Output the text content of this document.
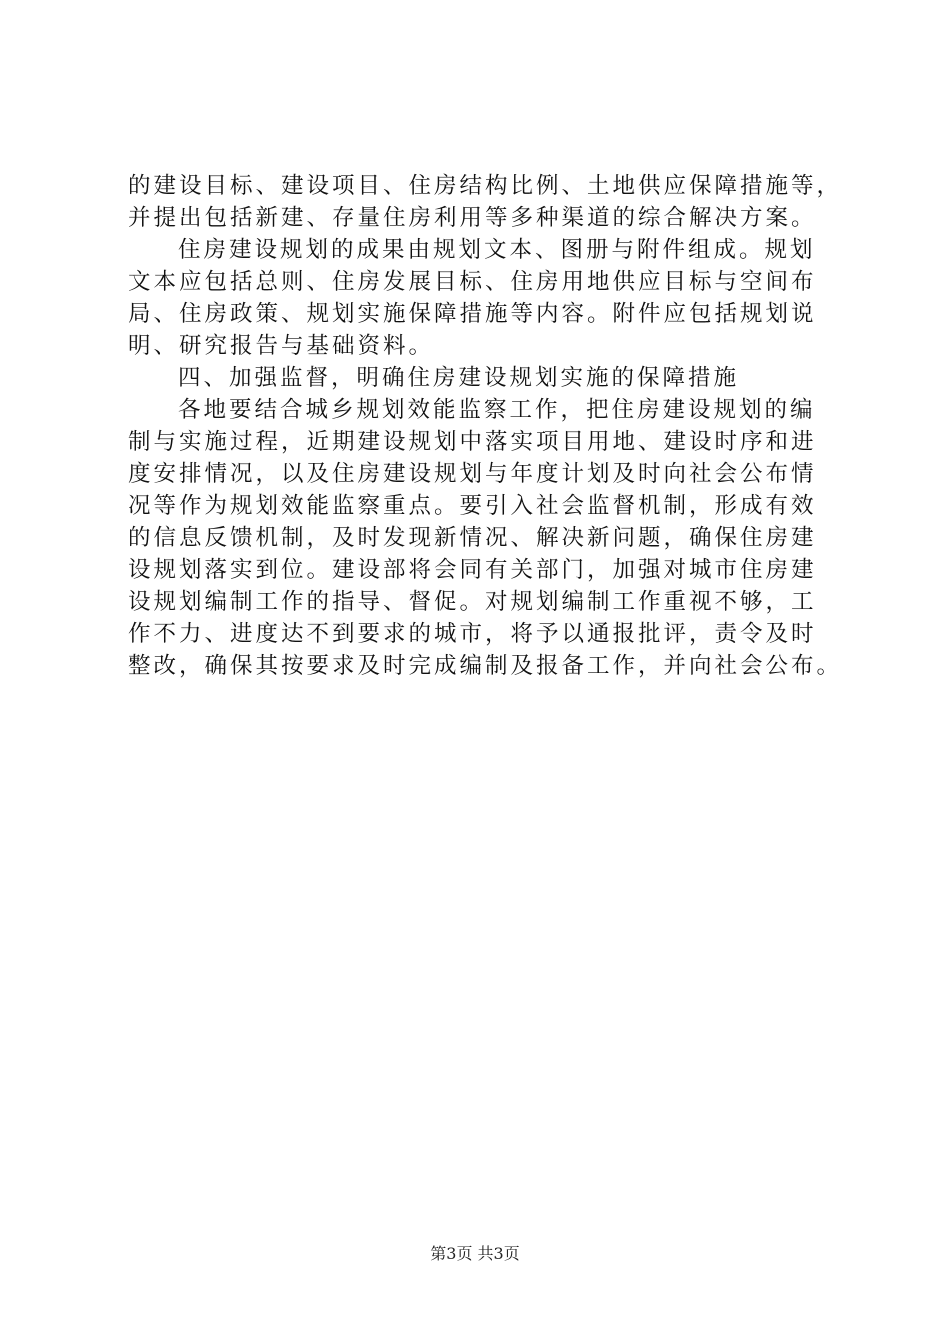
的建设目标、建设项目、住房结构比例、土地供应保障措施等，
并提出包括新建、存量住房利用等多种渠道的综合解决方案。
住房建设规划的成果由规划文本、图册与附件组成。规划
文本应包括总则、住房发展目标、住房用地供应目标与空间布
局、住房政策、规划实施保障措施等内容。附件应包括规划说
明、研究报告与基础资料。
四、加强监督，明确住房建设规划实施的保障措施
各地要结合城乡规划效能监察工作，把住房建设规划的编
制与实施过程，近期建设规划中落实项目用地、建设时序和进
度安排情况，以及住房建设规划与年度计划及时向社会公布情
况等作为规划效能监察重点。要引入社会监督机制，形成有效
的信息反馈机制，及时发现新情况、解决新问题，确保住房建
设规划落实到位。建设部将会同有关部门，加强对城市住房建
设规划编制工作的指导、督促。对规划编制工作重视不够，工
作不力、进度达不到要求的城市，将予以通报批评，责令及时
整改，确保其按要求及时完成编制及报备工作，并向社会公布。
第3页 共3页
